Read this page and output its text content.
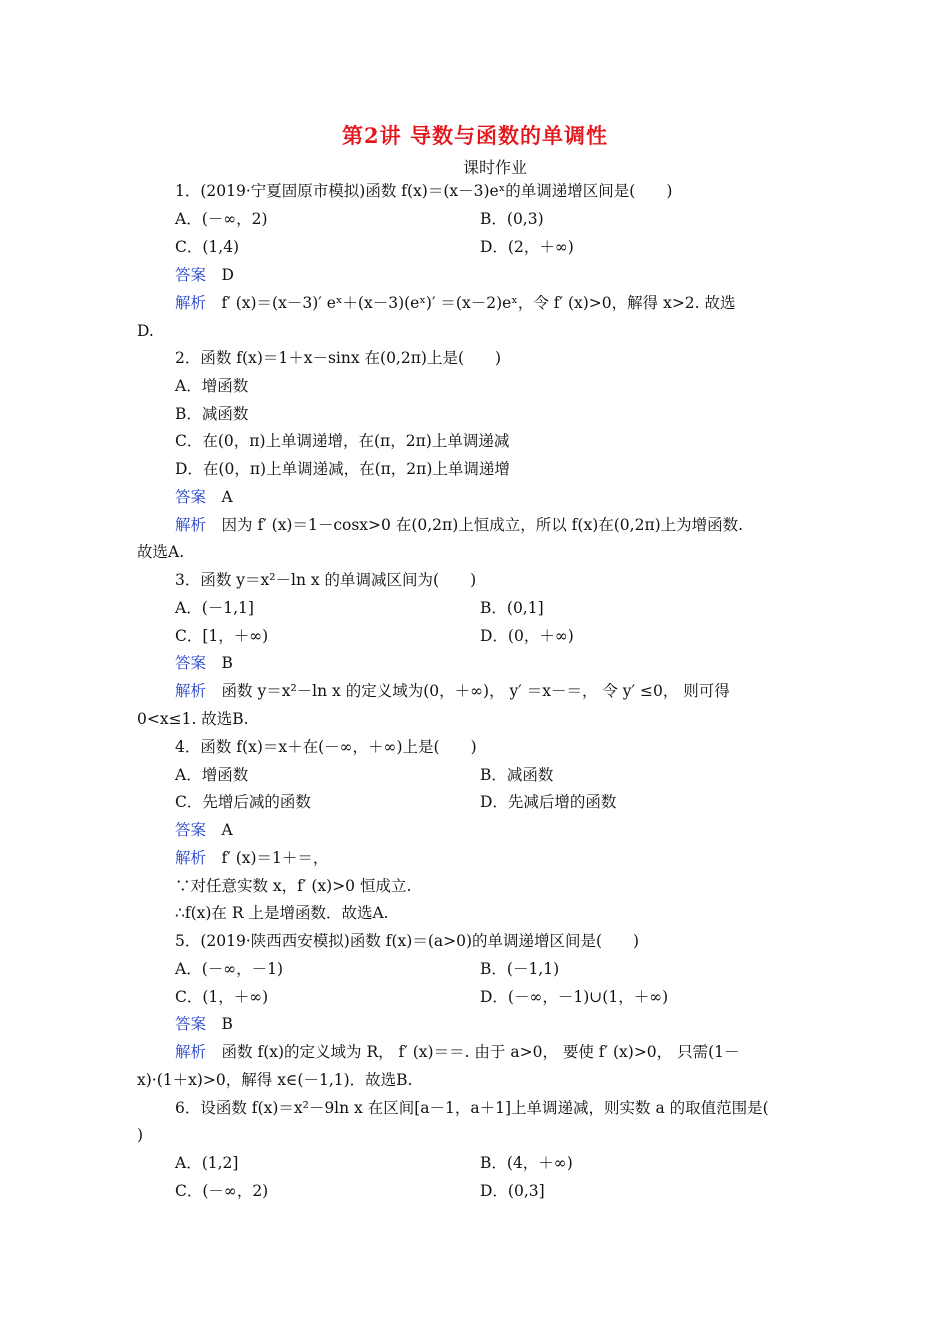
第2讲 导数与函数的单调性
课时作业
1．(2019·宁夏固原市模拟)函数 f(x)＝(x－3)eˣ的单调递增区间是(　　)
A．(－∞，2)	B．(0,3)
C．(1,4)	D．(2，＋∞)
答案　 D
解析　 f′ (x)＝(x－3)′ eˣ＋(x－3)(eˣ)′ ＝(x－2)eˣ，令 f′ (x)>0，解得 x>2. 故选
D.
2．函数 f(x)＝1＋x－sinx 在(0,2π)上是(　　)
A．增函数
B．减函数
C．在(0，π)上单调递增，在(π，2π)上单调递减
D．在(0，π)上单调递减，在(π，2π)上单调递增
答案　 A
解析　 因为 f′ (x)＝1－cosx>0 在(0,2π)上恒成立，所以 f(x)在(0,2π)上为增函数.
故选A.
3．函数 y＝x²－ln x 的单调减区间为(　　)
A．(－1,1]	B．(0,1]
C．[1，＋∞)	D．(0，＋∞)
答案　 B
解析　 函数 y＝x²－ln x 的定义域为(0，＋∞)， y′ ＝x－＝， 令 y′ ≤0， 则可得
0<x≤1. 故选B.
4．函数 f(x)＝x＋在(－∞，＋∞)上是(　　)
A．增函数	B．减函数
C．先增后减的函数	D．先减后增的函数
答案　 A
解析　 f′ (x)＝1＋＝，
∵对任意实数 x，f′ (x)>0 恒成立.
∴f(x)在 R 上是增函数．故选A.
5．(2019·陕西西安模拟)函数 f(x)＝(a>0)的单调递增区间是(　　)
A．(－∞，－1)	B．(－1,1)
C．(1，＋∞)	D．(－∞，－1)∪(1，＋∞)
答案　 B
解析　 函数 f(x)的定义域为 R， f′ (x)＝＝. 由于 a>0， 要使 f′ (x)>0， 只需(1－
x)·(1＋x)>0，解得 x∈(－1,1)．故选B.
6．设函数 f(x)＝x²－9ln x 在区间[a－1，a＋1]上单调递减，则实数 a 的取值范围是(
)
A．(1,2]	B．(4，＋∞)
C．(－∞，2)	D．(0,3]
